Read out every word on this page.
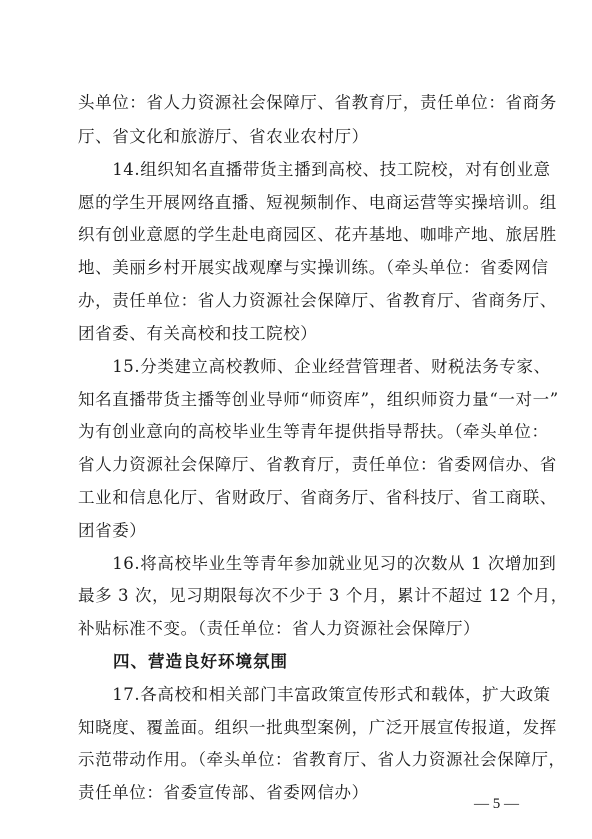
头单位：省人力资源社会保障厅、省教育厅，责任单位：省商务
厅、省文化和旅游厅、省农业农村厅）
　　14.组织知名直播带货主播到高校、技工院校，对有创业意
愿的学生开展网络直播、短视频制作、电商运营等实操培训。组
织有创业意愿的学生赴电商园区、花卉基地、咖啡产地、旅居胜
地、美丽乡村开展实战观摩与实操训练。（牵头单位：省委网信
办，责任单位：省人力资源社会保障厅、省教育厅、省商务厅、
团省委、有关高校和技工院校）
　　15.分类建立高校教师、企业经营管理者、财税法务专家、
知名直播带货主播等创业导师“师资库”，组织师资力量“一对一”
为有创业意向的高校毕业生等青年提供指导帮扶。（牵头单位：
省人力资源社会保障厅、省教育厅，责任单位：省委网信办、省
工业和信息化厅、省财政厅、省商务厅、省科技厅、省工商联、
团省委）
　　16.将高校毕业生等青年参加就业见习的次数从 1 次增加到
最多 3 次，见习期限每次不少于 3 个月，累计不超过 12 个月，
补贴标准不变。（责任单位：省人力资源社会保障厅）
　　四、营造良好环境氛围
　　17.各高校和相关部门丰富政策宣传形式和载体，扩大政策
知晓度、覆盖面。组织一批典型案例，广泛开展宣传报道，发挥
示范带动作用。（牵头单位：省教育厅、省人力资源社会保障厅，
责任单位：省委宣传部、省委网信办）
— 5 —
